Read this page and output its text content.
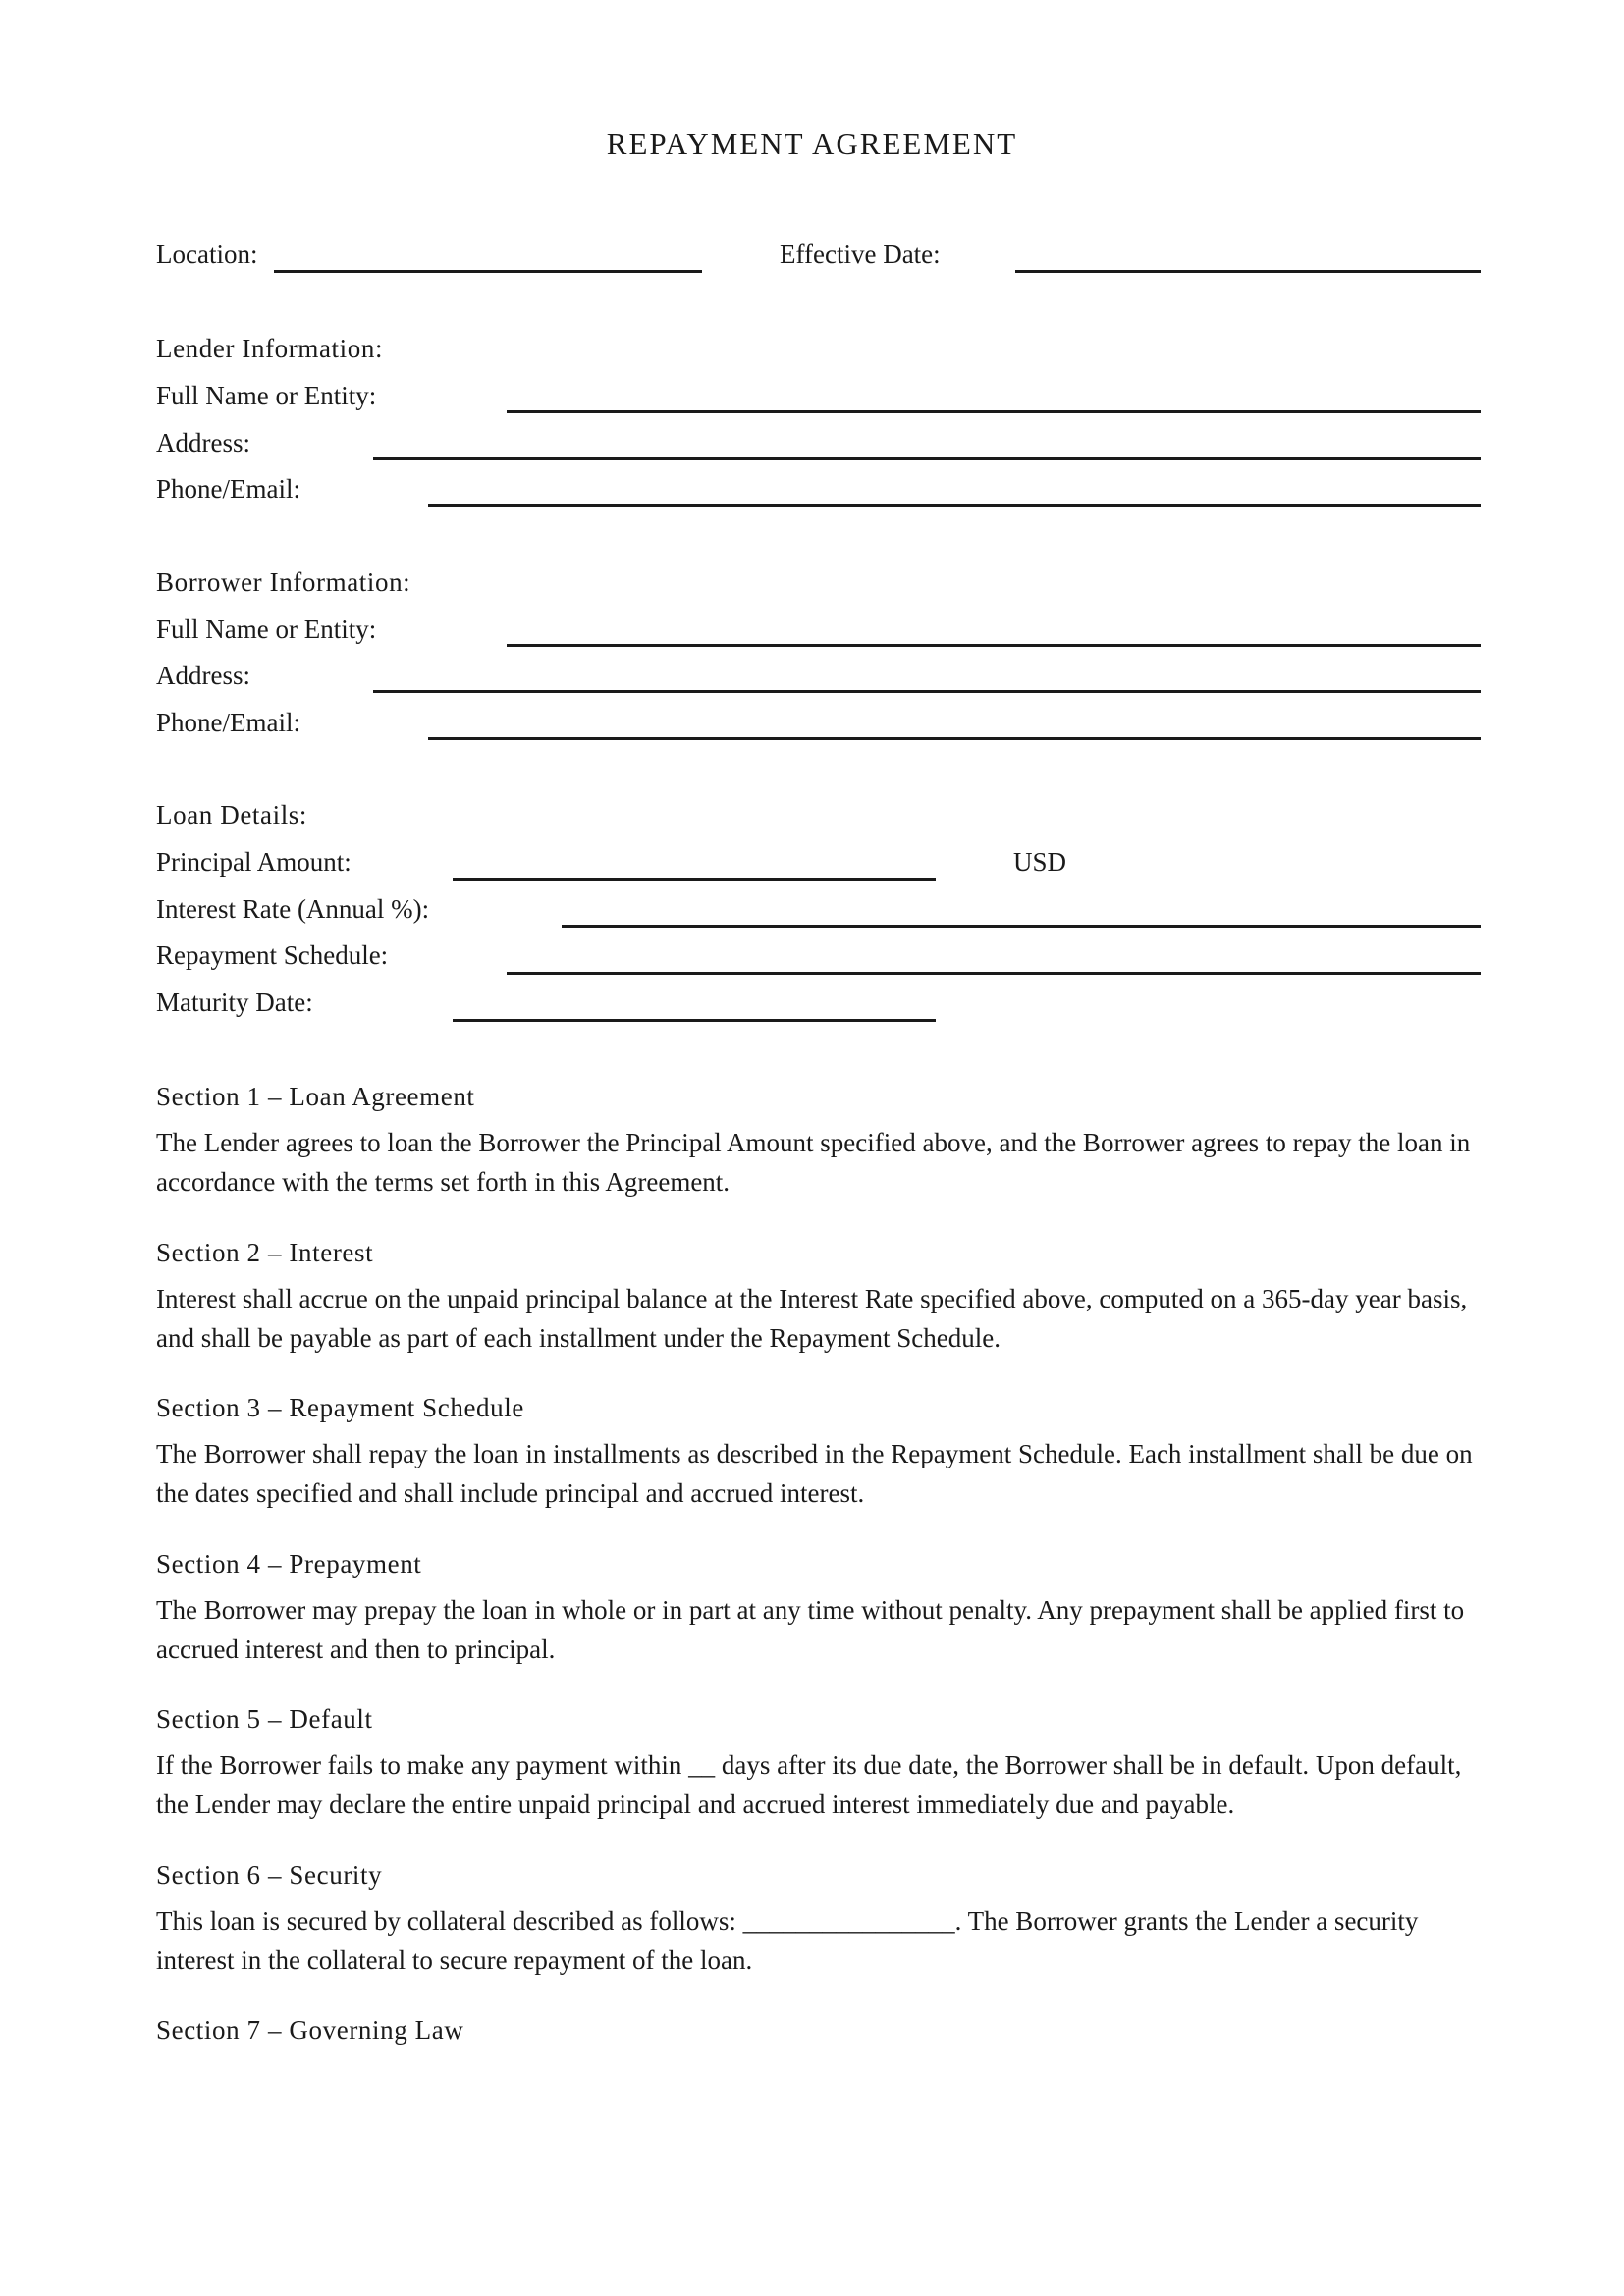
REPAYMENT AGREEMENT
Location:	Effective Date:
Lender Information:
Full Name or Entity:
Address:
Phone/Email:
Borrower Information:
Full Name or Entity:
Address:
Phone/Email:
Loan Details:
Principal Amount:	USD
Interest Rate (Annual %):
Repayment Schedule:
Maturity Date:
Section 1 – Loan Agreement

The Lender agrees to loan the Borrower the Principal Amount specified above, and the Borrower agrees to repay the loan in accordance with the terms set forth in this Agreement.

Section 2 – Interest

Interest shall accrue on the unpaid principal balance at the Interest Rate specified above, computed on a 365-day year basis, and shall be payable as part of each installment under the Repayment Schedule.

Section 3 – Repayment Schedule

The Borrower shall repay the loan in installments as described in the Repayment Schedule. Each installment shall be due on the dates specified and shall include principal and accrued interest.

Section 4 – Prepayment

The Borrower may prepay the loan in whole or in part at any time without penalty. Any prepayment shall be applied first to accrued interest and then to principal.

Section 5 – Default

If the Borrower fails to make any payment within __ days after its due date, the Borrower shall be in default. Upon default, the Lender may declare the entire unpaid principal and accrued interest immediately due and payable.

Section 6 – Security

This loan is secured by collateral described as follows: ________________. The Borrower grants the Lender a security interest in the collateral to secure repayment of the loan.

Section 7 – Governing Law
